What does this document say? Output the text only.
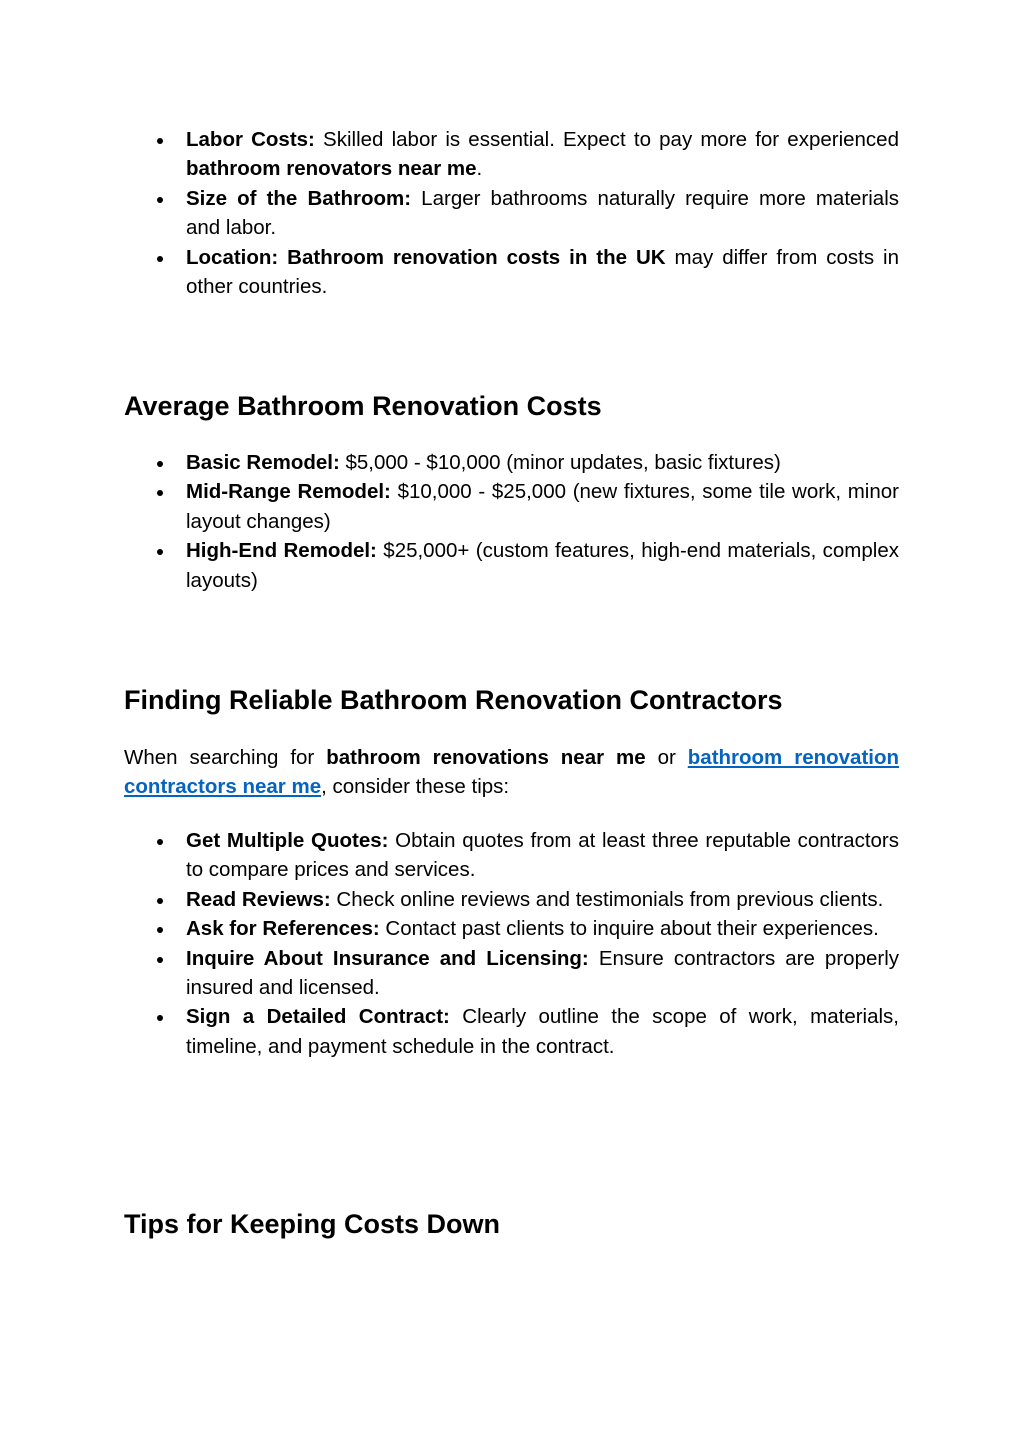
Labor Costs: Skilled labor is essential. Expect to pay more for experienced bathroom renovators near me.
Size of the Bathroom: Larger bathrooms naturally require more materials and labor.
Location: Bathroom renovation costs in the UK may differ from costs in other countries.
Average Bathroom Renovation Costs
Basic Remodel: $5,000 - $10,000 (minor updates, basic fixtures)
Mid-Range Remodel: $10,000 - $25,000 (new fixtures, some tile work, minor layout changes)
High-End Remodel: $25,000+ (custom features, high-end materials, complex layouts)
Finding Reliable Bathroom Renovation Contractors

When searching for bathroom renovations near me or bathroom renovation contractors near me, consider these tips:

Get Multiple Quotes: Obtain quotes from at least three reputable contractors to compare prices and services.
Read Reviews: Check online reviews and testimonials from previous clients.
Ask for References: Contact past clients to inquire about their experiences.
Inquire About Insurance and Licensing: Ensure contractors are properly insured and licensed.
Sign a Detailed Contract: Clearly outline the scope of work, materials, timeline, and payment schedule in the contract.
Tips for Keeping Costs Down
